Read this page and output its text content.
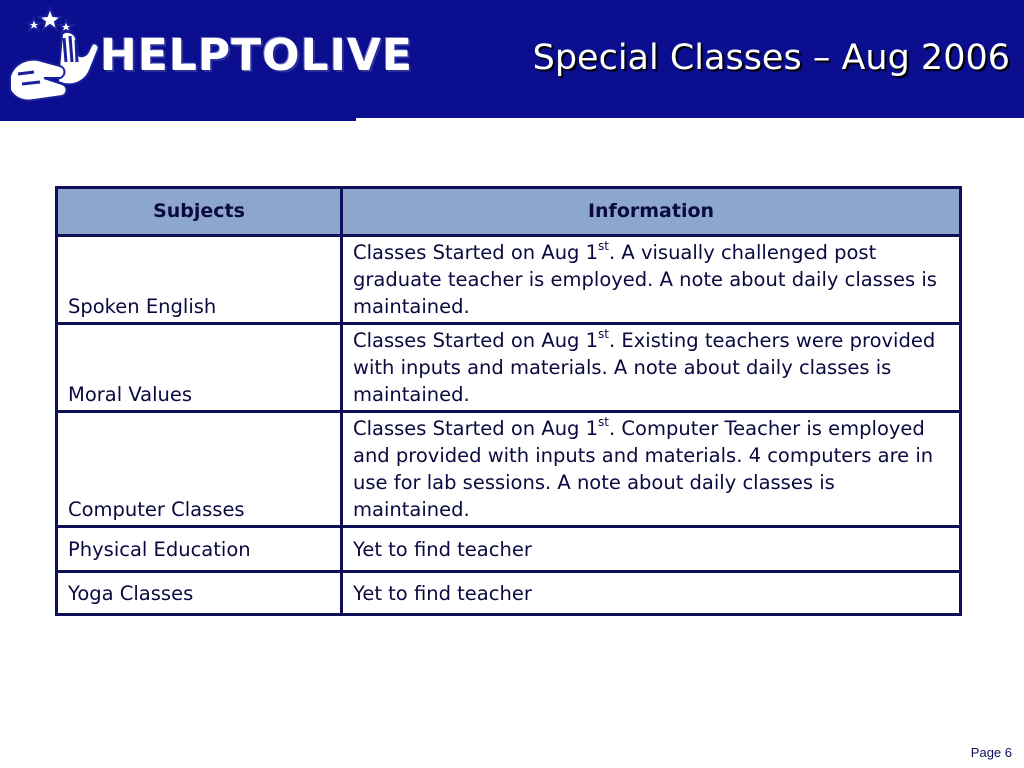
HELPTOLIVE	Special Classes – Aug 2006
Subjects	Information
Spoken English	Classes Started on Aug 1st. A visually challenged post graduate teacher is employed. A note about daily classes is maintained.
Moral Values	Classes Started on Aug 1st. Existing teachers were provided with inputs and materials. A note about daily classes is maintained.
Computer Classes	Classes Started on Aug 1st. Computer Teacher is employed and provided with inputs and materials. 4 computers are in use for lab sessions. A note about daily classes is maintained.
Physical Education	Yet to find teacher
Yoga Classes	Yet to find teacher
Page 6
